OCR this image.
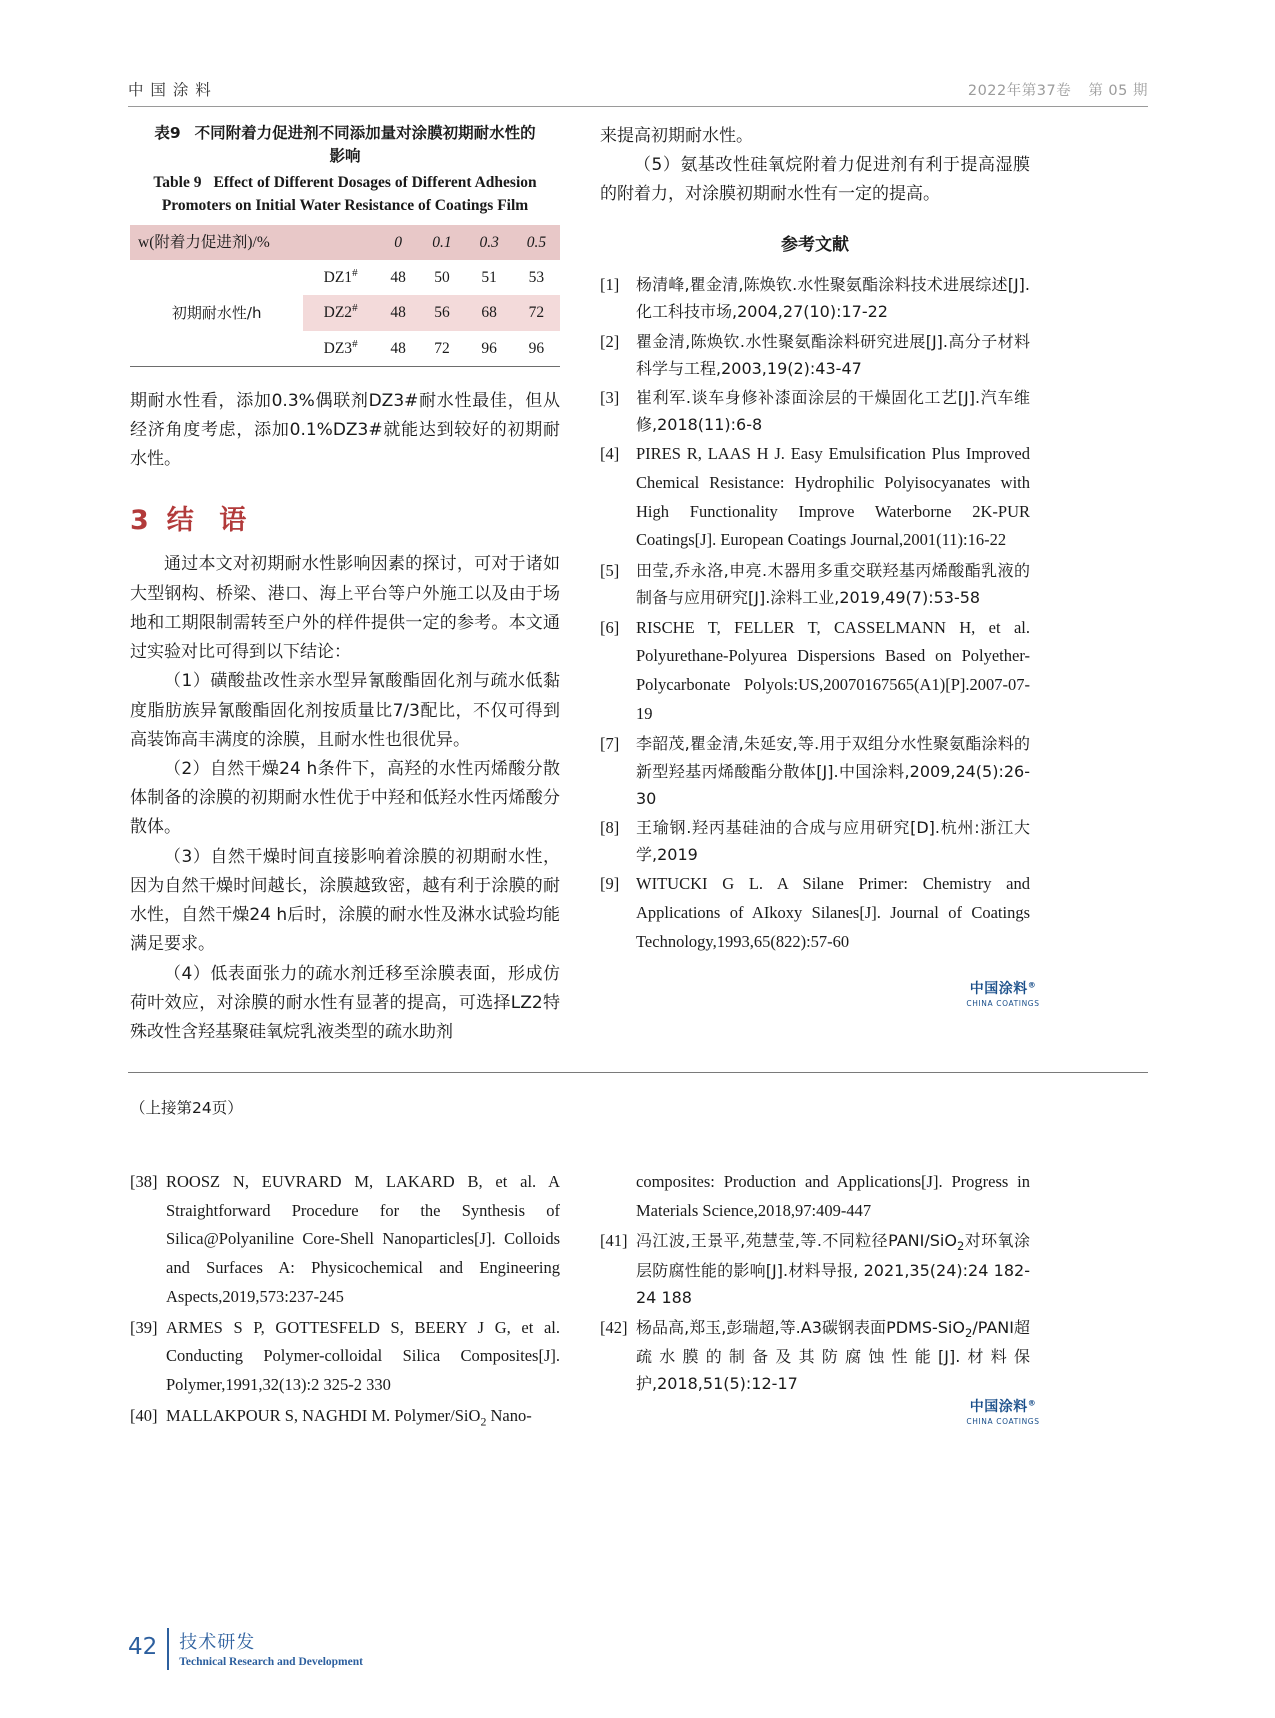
中 国 涂 料	2022年第37卷 第 05 期
表9 不同附着力促进剂不同添加量对涂膜初期耐水性的影响
Table 9 Effect of Different Dosages of Different Adhesion Promoters on Initial Water Resistance of Coatings Film
w(附着力促进剂)/%		0	0.1	0.3	0.5
初期耐水性/h	DZ1#	48	50	51	53
	DZ2#	48	56	68	72
	DZ3#	48	72	96	96

期耐水性看，添加0.3%偶联剂DZ3#耐水性最佳，但从经济角度考虑，添加0.1%DZ3#就能达到较好的初期耐水性。

3 结 语

通过本文对初期耐水性影响因素的探讨，可对于诸如大型钢构、桥梁、港口、海上平台等户外施工以及由于场地和工期限制需转至户外的样件提供一定的参考。本文通过实验对比可得到以下结论：

（1）磺酸盐改性亲水型异氰酸酯固化剂与疏水低黏度脂肪族异氰酸酯固化剂按质量比7/3配比，不仅可得到高装饰高丰满度的涂膜，且耐水性也很优异。

（2）自然干燥24 h条件下，高羟的水性丙烯酸分散体制备的涂膜的初期耐水性优于中羟和低羟水性丙烯酸分散体。

（3）自然干燥时间直接影响着涂膜的初期耐水性，因为自然干燥时间越长，涂膜越致密，越有利于涂膜的耐水性，自然干燥24 h后时，涂膜的耐水性及淋水试验均能满足要求。

（4）低表面张力的疏水剂迁移至涂膜表面，形成仿荷叶效应，对涂膜的耐水性有显著的提高，可选择LZ2特殊改性含羟基聚硅氧烷乳液类型的疏水助剂

来提高初期耐水性。

（5）氨基改性硅氧烷附着力促进剂有利于提高湿膜的附着力，对涂膜初期耐水性有一定的提高。

参考文献
[1]	杨清峰,瞿金清,陈焕钦.水性聚氨酯涂料技术进展综述[J].化工科技市场,2004,27(10):17-22
[2]	瞿金清,陈焕钦.水性聚氨酯涂料研究进展[J].高分子材料科学与工程,2003,19(2):43-47
[3]	崔利军.谈车身修补漆面涂层的干燥固化工艺[J].汽车维修,2018(11):6-8
[4]	PIRES R, LAAS H J. Easy Emulsification Plus Improved Chemical Resistance: Hydrophilic Polyisocyanates with High Functionality Improve Waterborne 2K-PUR Coatings[J]. European Coatings Journal,2001(11):16-22
[5]	田莹,乔永洛,申亮.木器用多重交联羟基丙烯酸酯乳液的制备与应用研究[J].涂料工业,2019,49(7):53-58
[6]	RISCHE T, FELLER T, CASSELMANN H, et al. Polyurethane-Polyurea Dispersions Based on Polyether-Polycarbonate Polyols:US,20070167565(A1)[P].2007-07-19
[7]	李韶茂,瞿金清,朱延安,等.用于双组分水性聚氨酯涂料的新型羟基丙烯酸酯分散体[J].中国涂料,2009,24(5):26-30
[8]	王瑜钢.羟丙基硅油的合成与应用研究[D].杭州:浙江大学,2019
[9]	WITUCKI G L. A Silane Primer: Chemistry and Applications of AIkoxy Silanes[J]. Journal of Coatings Technology,1993,65(822):57-60
中国涂料®
CHINA COATINGS
（上接第24页）
[38] ROOSZ N, EUVRARD M, LAKARD B, et al. A Straightforward Procedure for the Synthesis of Silica@Polyaniline Core-Shell Nanoparticles[J]. Colloids and Surfaces A: Physicochemical and Engineering Aspects,2019,573:237-245
[39] ARMES S P, GOTTESFELD S, BEERY J G, et al. Conducting Polymer-colloidal Silica Composites[J]. Polymer,1991,32(13):2 325-2 330
[40] MALLAKPOUR S, NAGHDI M. Polymer/SiO$_2$ Nano-
composites: Production and Applications[J]. Progress in Materials Science,2018,97:409-447
[41] 冯江波,王景平,苑慧莹,等.不同粒径PANI/SiO$_2$对环氧涂层防腐性能的影响[J].材料导报, 2021,35(24):24 182-24 188
[42] 杨品高,郑玉,彭瑞超,等.A3碳钢表面PDMS-SiO$_2$/PANI超疏水膜的制备及其防腐蚀性能[J].材料保护,2018,51(5):12-17
中国涂料®
CHINA COATINGS
42 技术研发
Technical Research and Development
